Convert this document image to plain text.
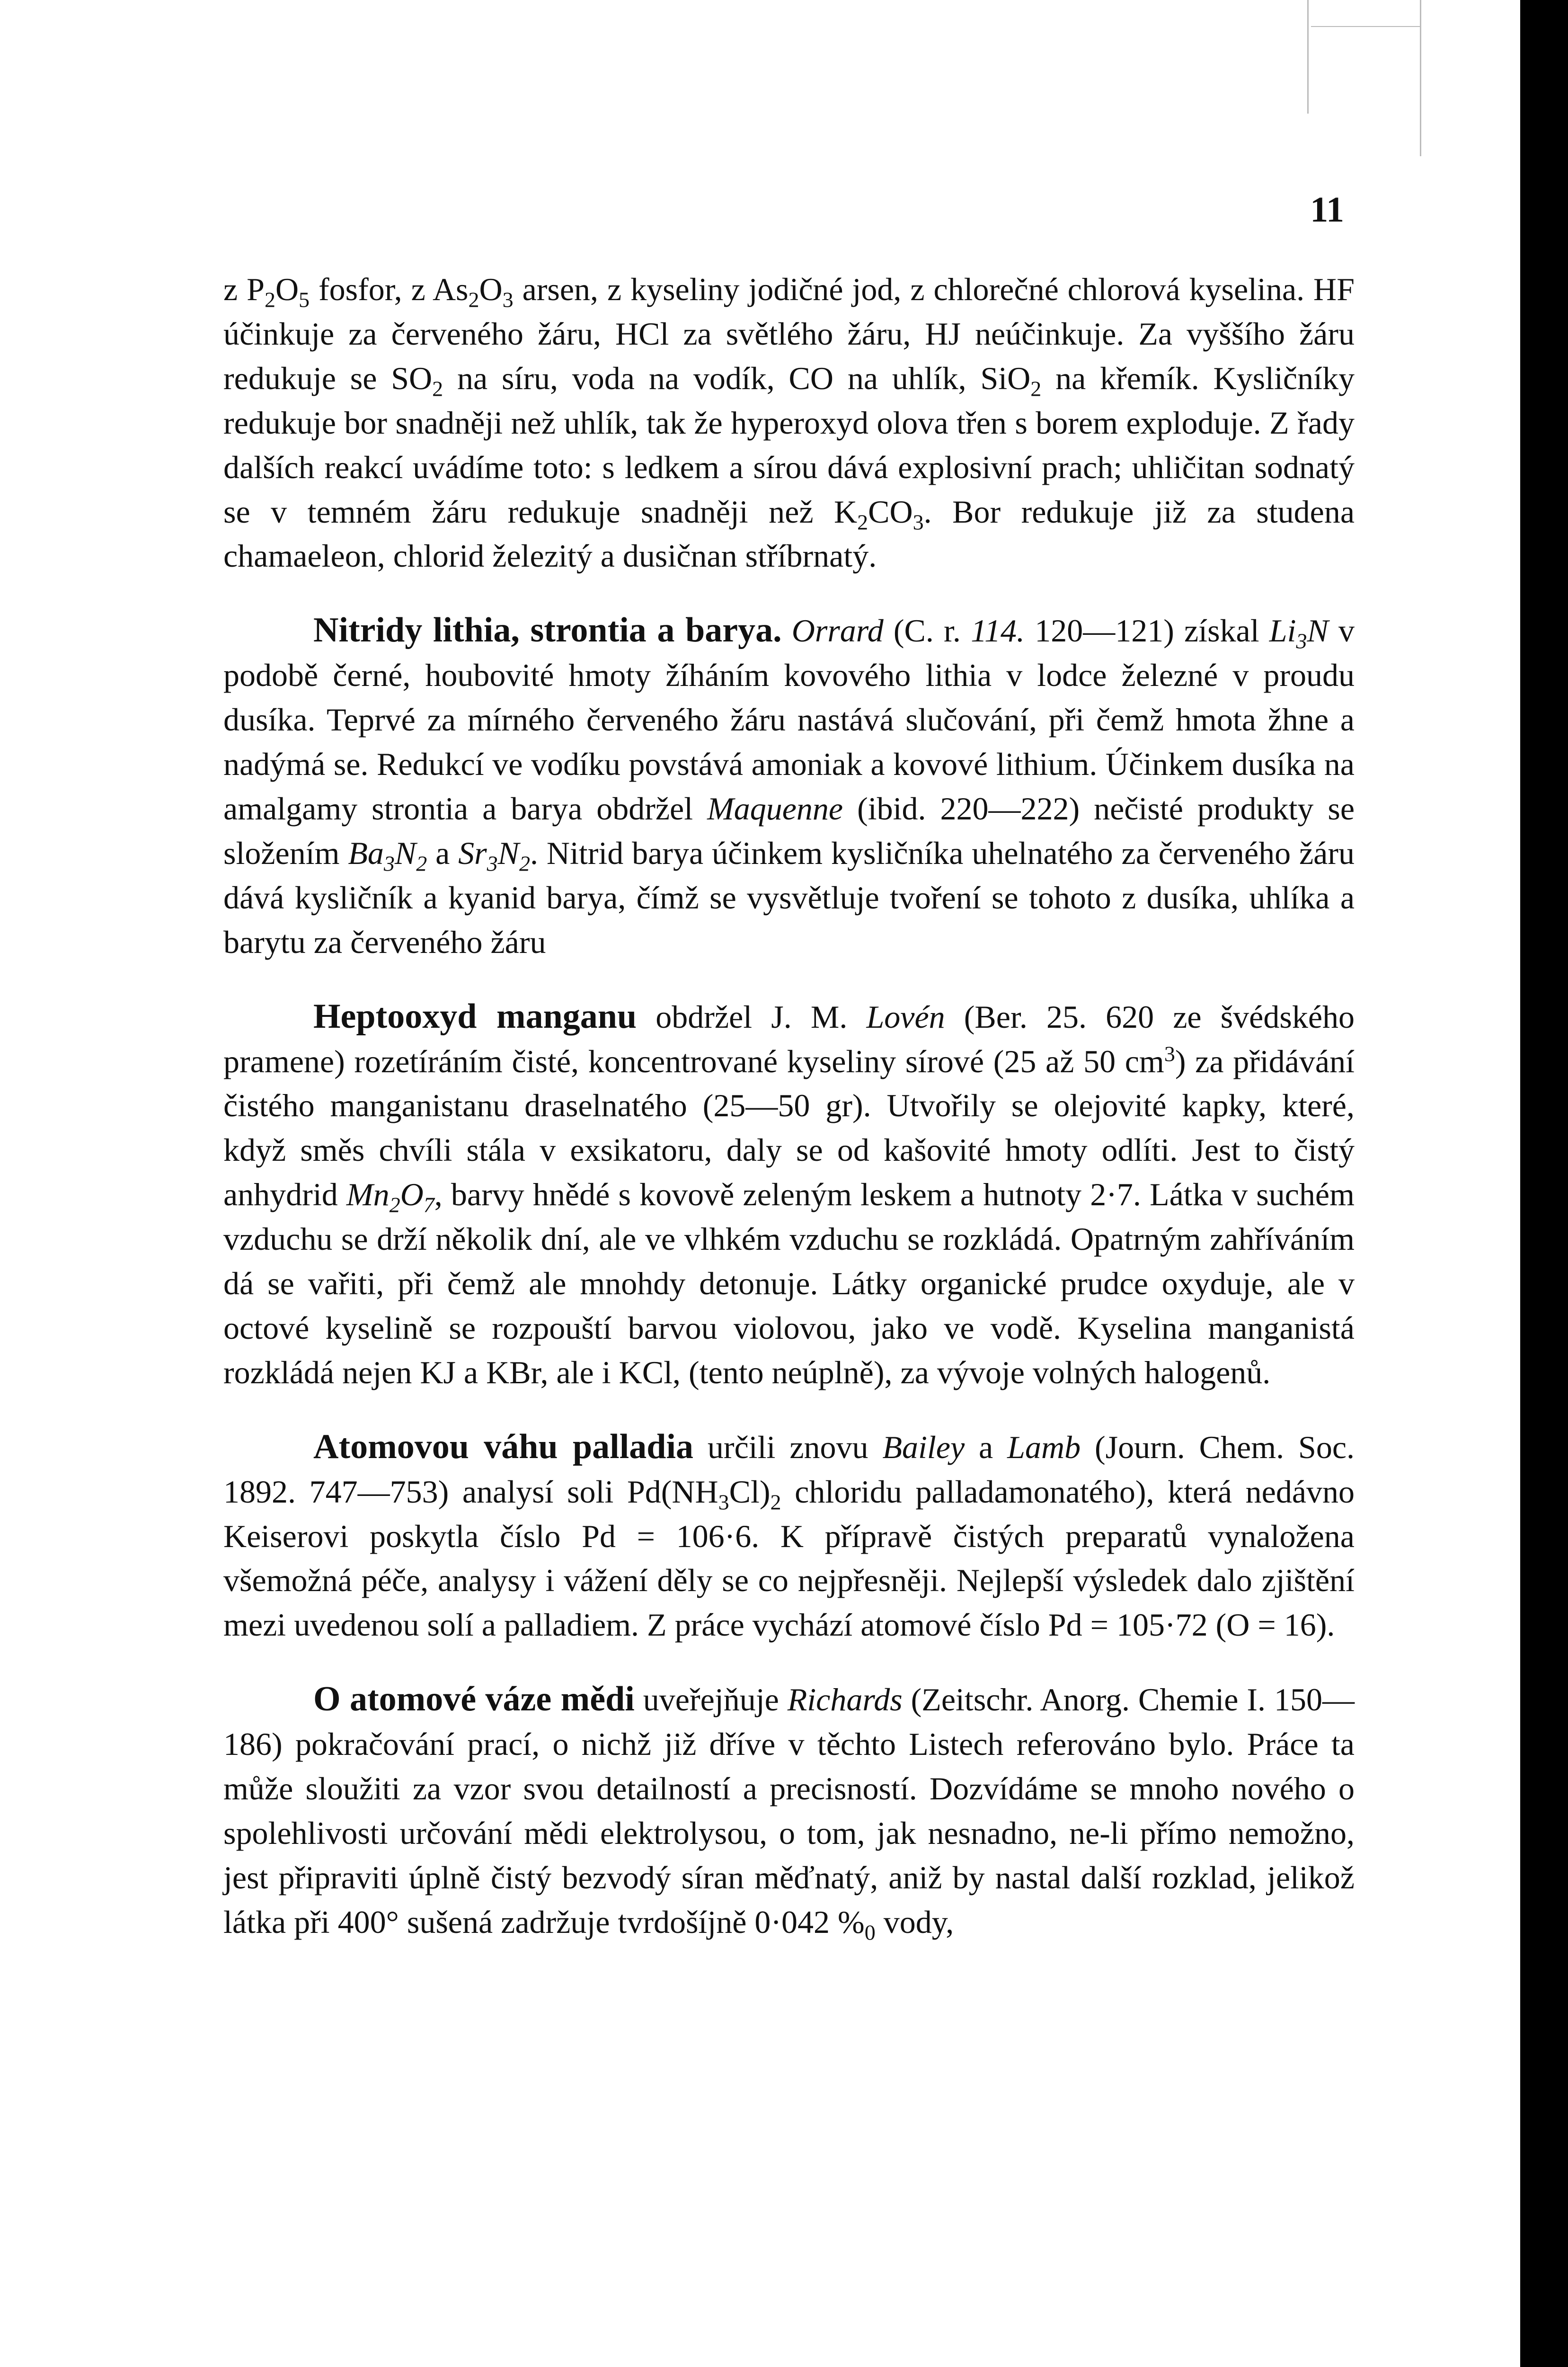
11

z $P_2O_5$ fosfor, z $As_2O_3$ arsen, z kyseliny jodičné jod, z chlorečné chlorová kyselina. HF účinkuje za červeného žáru, HCl za světlého žáru, HJ neúčinkuje. Za vyššího žáru redukuje se $SO_2$ na síru, voda na vodík, CO na uhlík, SiO$_2$ na křemík. Kysličníky redukuje bor snadněji než uhlík, tak že hyperoxyd olova třen s borem exploduje. Z řady dalších reakcí uvádíme toto: s ledkem a sírou dává explosivní prach; uhličitan sodnatý se v temném žáru redukuje snadněji než $K_2CO_3$. Bor redukuje již za studena chamaeleon, chlorid železitý a dusičnan stříbrnatý.

Nitridy lithia, strontia a baryа. Orrard (C. r. 114. 120—121) získal $Li_3N$ v podobě černé, houbovité hmoty žíháním kovového lithia v lodce železné v proudu dusíka. Teprvé za mírného červeného žáru nastává slučování, při čemž hmota žhne a nadýmá se. Redukcí ve vodíku povstává amoniak a kovové lithium. Účinkem dusíka na amalgamy strontia a baryа obdržel Maquenne (ibid. 220—222) nečisté produkty se složením $Ba_3N_2$ a $Sr_3N_2$. Nitrid baryа účinkem kysličníka uhelnatého za červeného žáru dává kysličník a kyanid baryа, čímž se vysvětluje tvoření se tohoto z dusíka, uhlíka a barytu za červeného žáru

Heptooxyd manganu obdržel J. M. Lovén (Ber. 25. 620 ze švédského pramene) rozetíráním čisté, koncentrované kyseliny sírové (25 až 50 $cm^3$) za přidávání čistého manganistanu draselnatého (25—50 gr). Utvořily se olejovité kapky, které, když směs chvíli stála v exsikatoru, daly se od kašovité hmoty odlíti. Jest to čistý anhydrid $Mn_2O_7$, barvy hnědé s kovově zeleným leskem a hutnoty 2·7. Látka v suchém vzduchu se drží několik dní, ale ve vlhkém vzduchu se rozkládá. Opatrným zahříváním dá se vařiti, při čemž ale mnohdy detonuje. Látky organické prudce oxyduje, ale v octové kyselině se rozpouští barvou violovou, jako ve vodě. Kyselina manganistá rozkládá nejen KJ a KBr, ale i KCl, (tento neúplně), za vývoje volných halogenů.

Atomovou váhu palladia určili znovu Bailey a Lamb (Journ. Chem. Soc. 1892. 747—753) analysí soli $Pd(NH_3Cl)_2$ chloridu palladamonatého), která nedávno Keiserovi poskytla číslo Pd = 106·6. K přípravě čistých preparatů vynaložena všemožná péče, analysy i vážení děly se co nejpřesněji. Nejlepší výsledek dalo zjištění mezi uvedenou solí a palladiem. Z práce vychází atomové číslo Pd = 105·72 (O = 16).

O atomové váze mědi uveřejňuje Richards (Zeitschr. Anorg. Chemie I. 150—186) pokračování prací, o nichž již dříve v těchto Listech referováno bylo. Práce ta může sloužiti za vzor svou detailností a precisností. Dozvídáme se mnoho nového o spolehlivosti určování mědi elektrolysou, o tom, jak nesnadno, ne-li přímo nemožno, jest připraviti úplně čistý bezvodý síran měďnatý, aniž by nastal další rozklad, jelikož látka při 400° sušená zadržuje tvrdošíjně 0·042 $\%_0$ vody,
